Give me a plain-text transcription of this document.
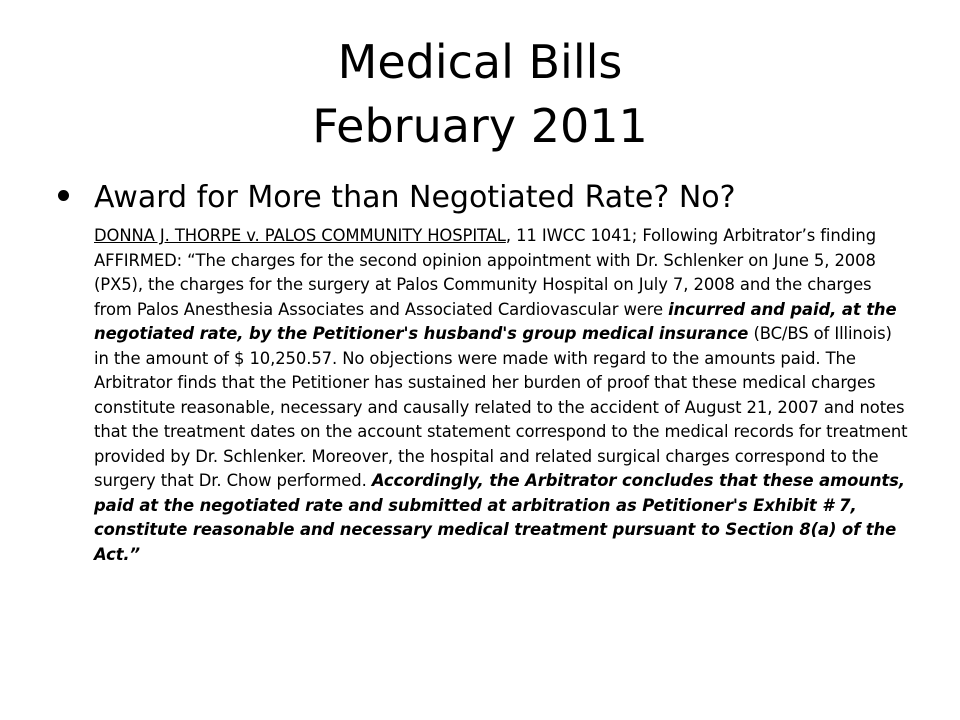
Medical Bills
February 2011
Award for More than Negotiated Rate? No?
DONNA J. THORPE v. PALOS COMMUNITY HOSPITAL, 11 IWCC 1041; Following Arbitrator’s finding AFFIRMED: “The charges for the second opinion appointment with Dr. Schlenker on June 5, 2008 (PX5), the charges for the surgery at Palos Community Hospital on July 7, 2008 and the charges from Palos Anesthesia Associates and Associated Cardiovascular were incurred and paid, at the negotiated rate, by the Petitioner's husband's group medical insurance (BC/BS of Illinois) in the amount of $ 10,250.57. No objections were made with regard to the amounts paid. The Arbitrator finds that the Petitioner has sustained her burden of proof that these medical charges constitute reasonable, necessary and causally related to the accident of August 21, 2007 and notes that the treatment dates on the account statement correspond to the medical records for treatment provided by Dr. Schlenker. Moreover, the hospital and related surgical charges correspond to the surgery that Dr. Chow performed. Accordingly, the Arbitrator concludes that these amounts, paid at the negotiated rate and submitted at arbitration as Petitioner's Exhibit # 7, constitute reasonable and necessary medical treatment pursuant to Section 8(a) of the Act.”
